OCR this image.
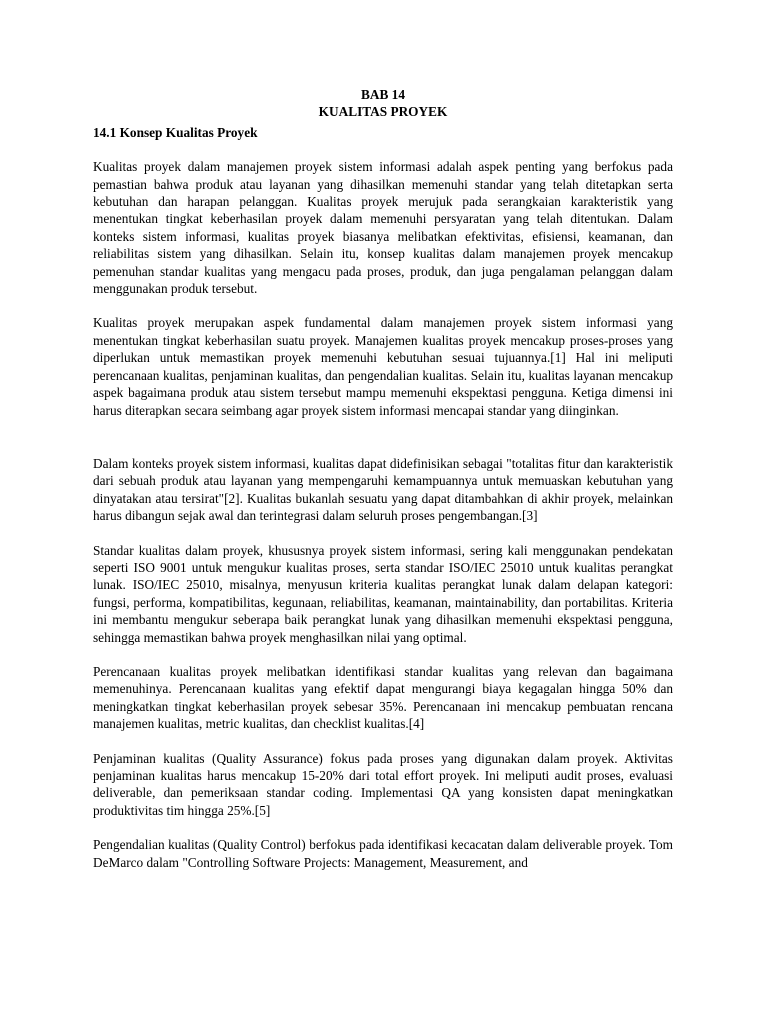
BAB 14

KUALITAS PROYEK

14.1 Konsep Kualitas Proyek

Kualitas proyek dalam manajemen proyek sistem informasi adalah aspek penting yang berfokus pada pemastian bahwa produk atau layanan yang dihasilkan memenuhi standar yang telah ditetapkan serta kebutuhan dan harapan pelanggan. Kualitas proyek merujuk pada serangkaian karakteristik yang menentukan tingkat keberhasilan proyek dalam memenuhi persyaratan yang telah ditentukan. Dalam konteks sistem informasi, kualitas proyek biasanya melibatkan efektivitas, efisiensi, keamanan, dan reliabilitas sistem yang dihasilkan. Selain itu, konsep kualitas dalam manajemen proyek mencakup pemenuhan standar kualitas yang mengacu pada proses, produk, dan juga pengalaman pelanggan dalam menggunakan produk tersebut.

Kualitas proyek merupakan aspek fundamental dalam manajemen proyek sistem informasi yang menentukan tingkat keberhasilan suatu proyek. Manajemen kualitas proyek mencakup proses-proses yang diperlukan untuk memastikan proyek memenuhi kebutuhan sesuai tujuannya.[1] Hal ini meliputi perencanaan kualitas, penjaminan kualitas, dan pengendalian kualitas. Selain itu, kualitas layanan mencakup aspek bagaimana produk atau sistem tersebut mampu memenuhi ekspektasi pengguna. Ketiga dimensi ini harus diterapkan secara seimbang agar proyek sistem informasi mencapai standar yang diinginkan.

Dalam konteks proyek sistem informasi, kualitas dapat didefinisikan sebagai "totalitas fitur dan karakteristik dari sebuah produk atau layanan yang mempengaruhi kemampuannya untuk memuaskan kebutuhan yang dinyatakan atau tersirat"[2]. Kualitas bukanlah sesuatu yang dapat ditambahkan di akhir proyek, melainkan harus dibangun sejak awal dan terintegrasi dalam seluruh proses pengembangan.[3]

Standar kualitas dalam proyek, khususnya proyek sistem informasi, sering kali menggunakan pendekatan seperti ISO 9001 untuk mengukur kualitas proses, serta standar ISO/IEC 25010 untuk kualitas perangkat lunak. ISO/IEC 25010, misalnya, menyusun kriteria kualitas perangkat lunak dalam delapan kategori: fungsi, performa, kompatibilitas, kegunaan, reliabilitas, keamanan, maintainability, dan portabilitas. Kriteria ini membantu mengukur seberapa baik perangkat lunak yang dihasilkan memenuhi ekspektasi pengguna, sehingga memastikan bahwa proyek menghasilkan nilai yang optimal.

Perencanaan kualitas proyek melibatkan identifikasi standar kualitas yang relevan dan bagaimana memenuhinya. Perencanaan kualitas yang efektif dapat mengurangi biaya kegagalan hingga 50% dan meningkatkan tingkat keberhasilan proyek sebesar 35%. Perencanaan ini mencakup pembuatan rencana manajemen kualitas, metric kualitas, dan checklist kualitas.[4]

Penjaminan kualitas (Quality Assurance) fokus pada proses yang digunakan dalam proyek. Aktivitas penjaminan kualitas harus mencakup 15-20% dari total effort proyek. Ini meliputi audit proses, evaluasi deliverable, dan pemeriksaan standar coding. Implementasi QA yang konsisten dapat meningkatkan produktivitas tim hingga 25%.[5]

Pengendalian kualitas (Quality Control) berfokus pada identifikasi kecacatan dalam deliverable proyek. Tom DeMarco dalam "Controlling Software Projects: Management, Measurement, and
